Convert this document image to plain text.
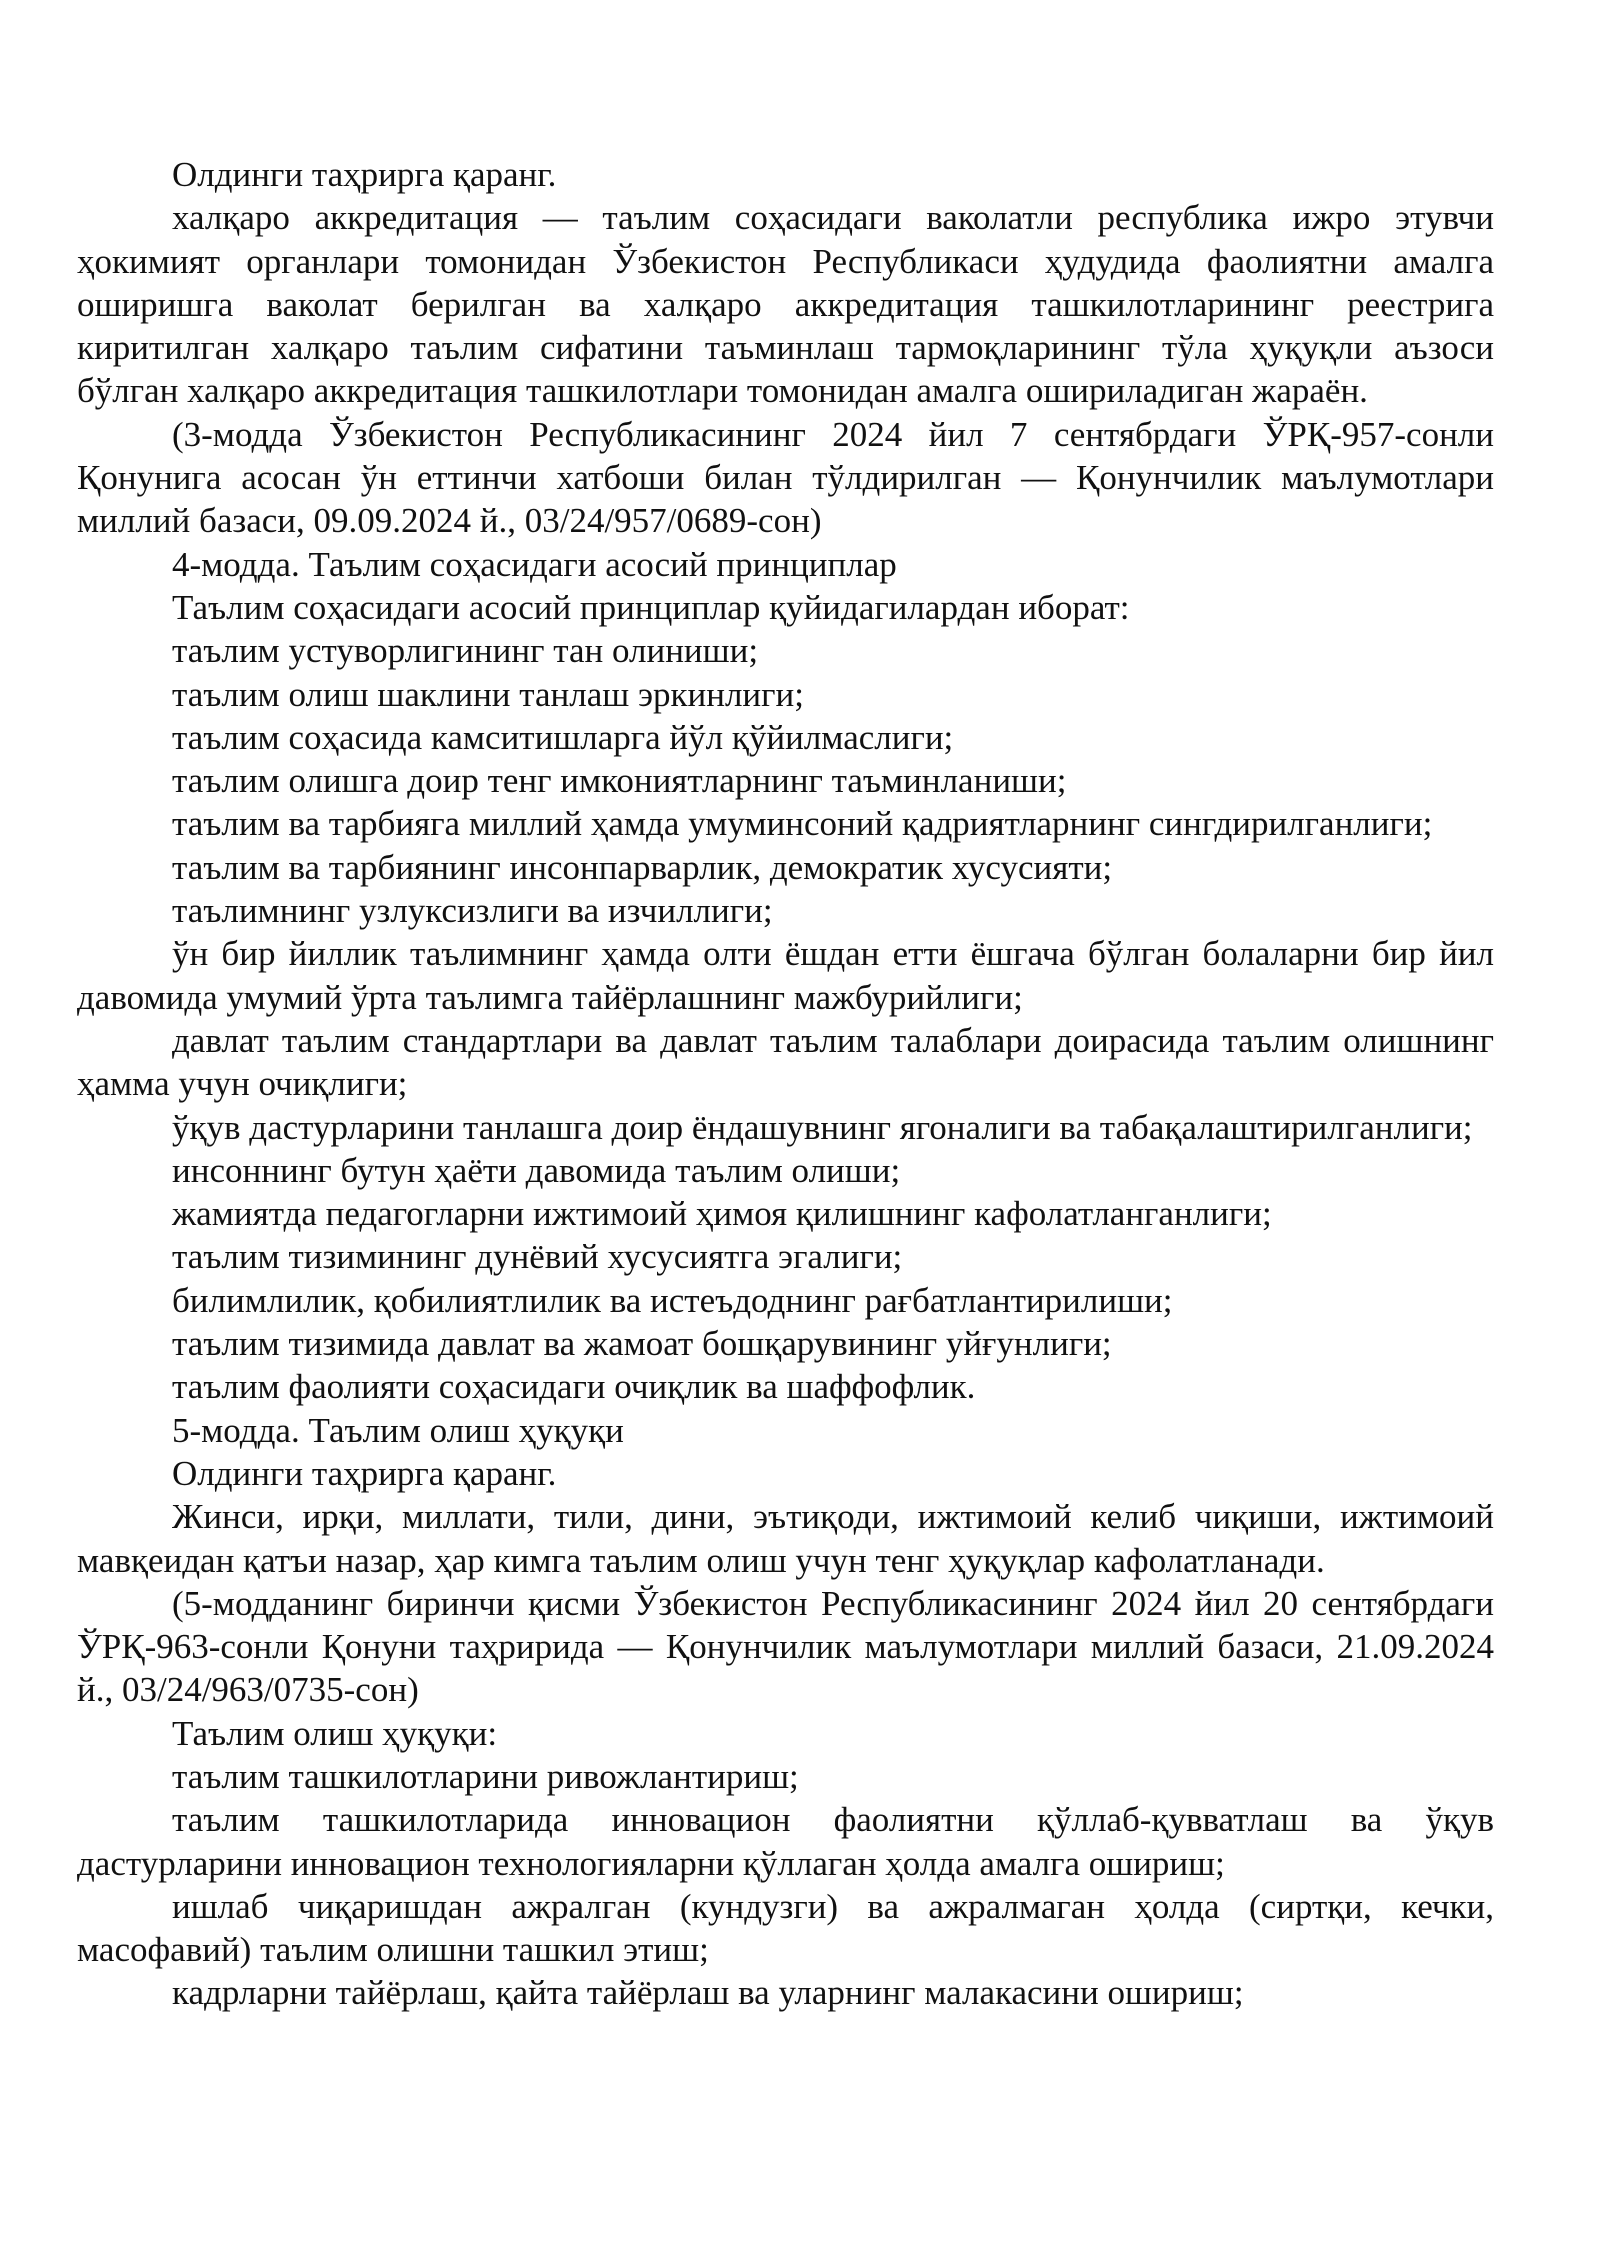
Олдинги таҳрирга қаранг.

халқаро аккредитация — таълим соҳасидаги ваколатли республика ижро этувчи ҳокимият органлари томонидан Ўзбекистон Республикаси ҳудудида фаолиятни амалга оширишга ваколат берилган ва халқаро аккредитация ташкилотларининг реестрига киритилган халқаро таълим сифатини таъминлаш тармоқларининг тўла ҳуқуқли аъзоси бўлган халқаро аккредитация ташкилотлари томонидан амалга ошириладиган жараён.

(3-модда Ўзбекистон Республикасининг 2024 йил 7 сентябрдаги ЎРҚ-957-сонли Қонунига асосан ўн еттинчи хатбоши билан тўлдирилган — Қонунчилик маълумотлари миллий базаси, 09.09.2024 й., 03/24/957/0689-сон)

4-модда. Таълим соҳасидаги асосий принциплар

Таълим соҳасидаги асосий принциплар қуйидагилардан иборат:

таълим устуворлигининг тан олиниши;

таълим олиш шаклини танлаш эркинлиги;

таълим соҳасида камситишларга йўл қўйилмаслиги;

таълим олишга доир тенг имкониятларнинг таъминланиши;

таълим ва тарбияга миллий ҳамда умуминсоний қадриятларнинг сингдирилганлиги;

таълим ва тарбиянинг инсонпарварлик, демократик хусусияти;

таълимнинг узлуксизлиги ва изчиллиги;

ўн бир йиллик таълимнинг ҳамда олти ёшдан етти ёшгача бўлган болаларни бир йил давомида умумий ўрта таълимга тайёрлашнинг мажбурийлиги;

давлат таълим стандартлари ва давлат таълим талаблари доирасида таълим олишнинг ҳамма учун очиқлиги;

ўқув дастурларини танлашга доир ёндашувнинг ягоналиги ва табақалаштирилганлиги;

инсоннинг бутун ҳаёти давомида таълим олиши;

жамиятда педагогларни ижтимоий ҳимоя қилишнинг кафолатланганлиги;

таълим тизимининг дунёвий хусусиятга эгалиги;

билимлилик, қобилиятлилик ва истеъдоднинг рағбатлантирилиши;

таълим тизимида давлат ва жамоат бошқарувининг уйғунлиги;

таълим фаолияти соҳасидаги очиқлик ва шаффофлик.

5-модда. Таълим олиш ҳуқуқи

Олдинги таҳрирга қаранг.

Жинси, ирқи, миллати, тили, дини, эътиқоди, ижтимоий келиб чиқиши, ижтимоий мавқеидан қатъи назар, ҳар кимга таълим олиш учун тенг ҳуқуқлар кафолатланади.

(5-модданинг биринчи қисми Ўзбекистон Республикасининг 2024 йил 20 сентябрдаги ЎРҚ-963-сонли Қонуни таҳририда — Қонунчилик маълумотлари миллий базаси, 21.09.2024 й., 03/24/963/0735-сон)

Таълим олиш ҳуқуқи:

таълим ташкилотларини ривожлантириш;

таълим ташкилотларида инновацион фаолиятни қўллаб-қувватлаш ва ўқув дастурларини инновацион технологияларни қўллаган ҳолда амалга ошириш;

ишлаб чиқаришдан ажралган (кундузги) ва ажралмаган ҳолда (сиртқи, кечки, масофавий) таълим олишни ташкил этиш;

кадрларни тайёрлаш, қайта тайёрлаш ва уларнинг малакасини ошириш;
